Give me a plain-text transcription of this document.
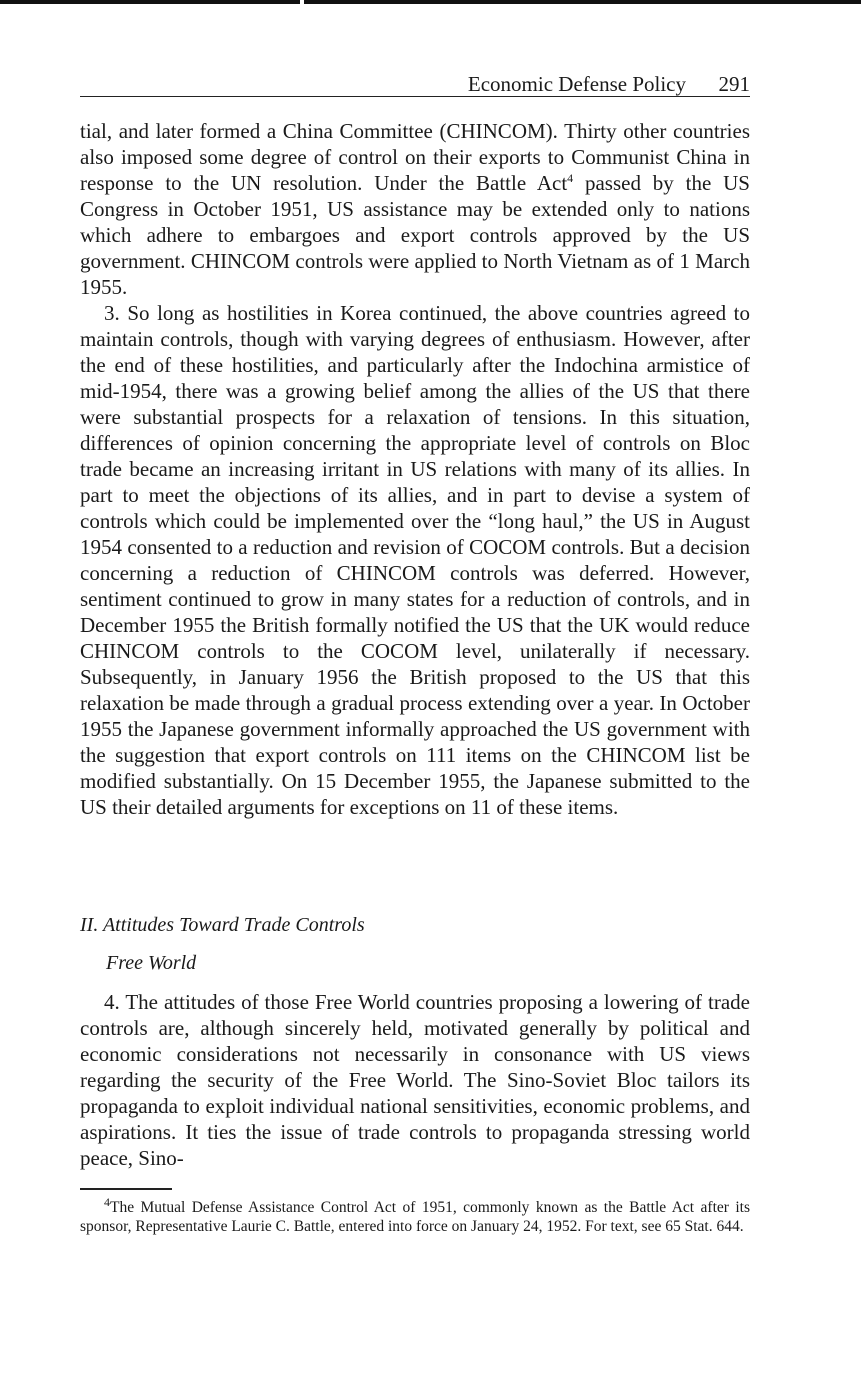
Economic Defense Policy 291

tial, and later formed a China Committee (CHINCOM). Thirty other countries also imposed some degree of control on their exports to Communist China in response to the UN resolution. Under the Battle Act$^4$ passed by the US Congress in October 1951, US assistance may be extended only to nations which adhere to embargoes and export controls approved by the US government. CHINCOM controls were applied to North Vietnam as of 1 March 1955.

3. So long as hostilities in Korea continued, the above countries agreed to maintain controls, though with varying degrees of enthusiasm. However, after the end of these hostilities, and particularly after the Indochina armistice of mid-1954, there was a growing belief among the allies of the US that there were substantial prospects for a relaxation of tensions. In this situation, differences of opinion concerning the appropriate level of controls on Bloc trade became an increasing irritant in US relations with many of its allies. In part to meet the objections of its allies, and in part to devise a system of controls which could be implemented over the “long haul,” the US in August 1954 consented to a reduction and revision of COCOM controls. But a decision concerning a reduction of CHINCOM controls was deferred. However, sentiment continued to grow in many states for a reduction of controls, and in December 1955 the British formally notified the US that the UK would reduce CHINCOM controls to the COCOM level, unilaterally if necessary. Subsequently, in January 1956 the British proposed to the US that this relaxation be made through a gradual process extending over a year. In October 1955 the Japanese government informally approached the US government with the suggestion that export controls on 111 items on the CHINCOM list be modified substantially. On 15 December 1955, the Japanese submitted to the US their detailed arguments for exceptions on 11 of these items.

II. Attitudes Toward Trade Controls
Free World

4. The attitudes of those Free World countries proposing a lowering of trade controls are, although sincerely held, motivated generally by political and economic considerations not necessarily in consonance with US views regarding the security of the Free World. The Sino-Soviet Bloc tailors its propaganda to exploit individual national sensitivities, economic problems, and aspirations. It ties the issue of trade controls to propaganda stressing world peace, Sino-

$^4$The Mutual Defense Assistance Control Act of 1951, commonly known as the Battle Act after its sponsor, Representative Laurie C. Battle, entered into force on January 24, 1952. For text, see 65 Stat. 644.
